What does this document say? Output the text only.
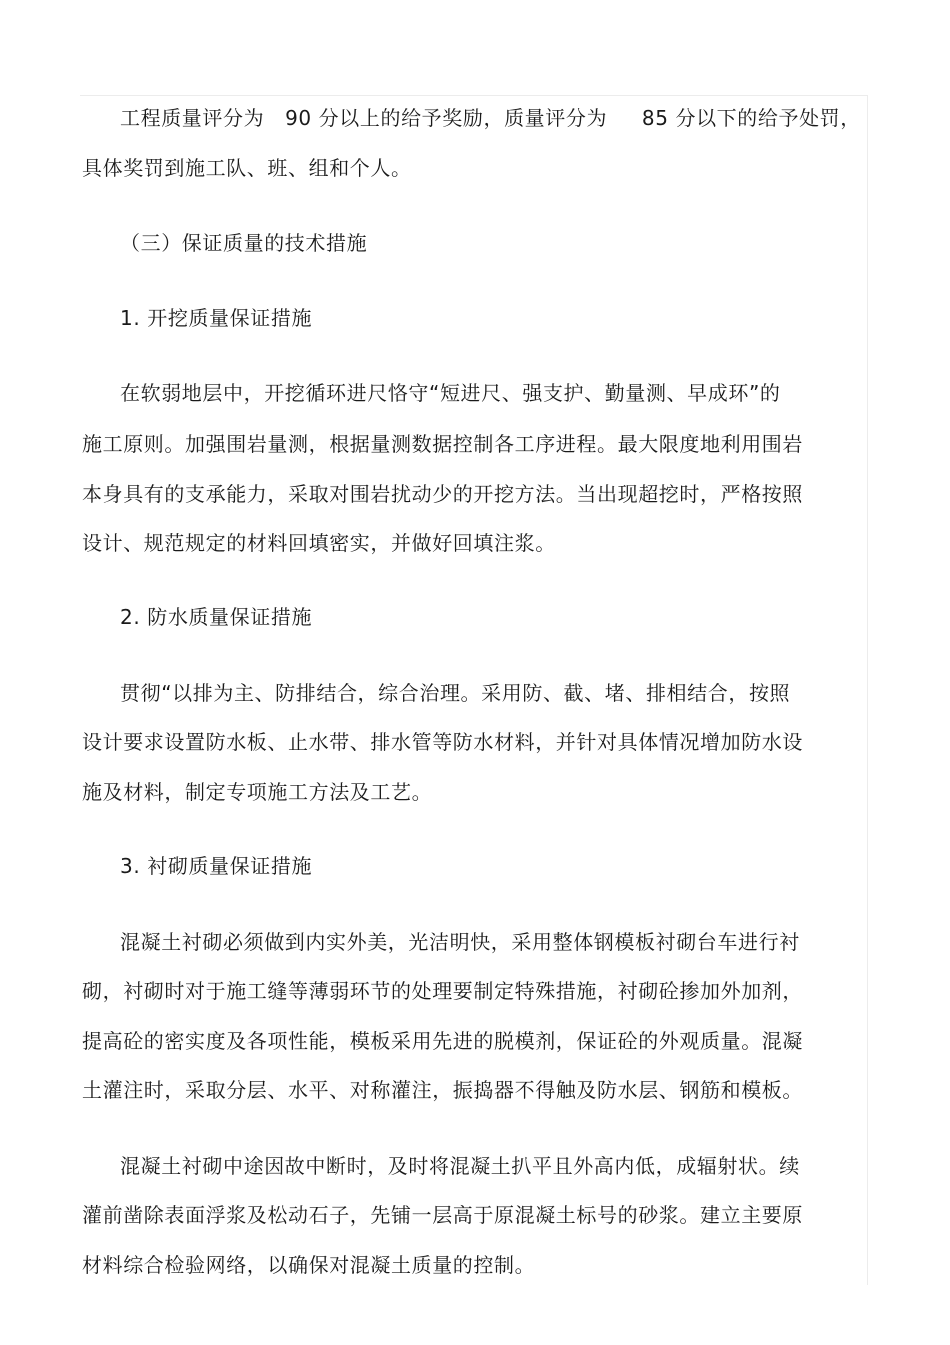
工程质量评分为   90 分以上的给予奖励，质量评分为     85 分以下的给予处罚，
具体奖罚到施工队、班、组和个人。
（三）保证质量的技术措施
1. 开挖质量保证措施
在软弱地层中，开挖循环进尺恪守“短进尺、强支护、勤量测、早成环”的
施工原则。加强围岩量测，根据量测数据控制各工序进程。最大限度地利用围岩
本身具有的支承能力，采取对围岩扰动少的开挖方法。当出现超挖时，严格按照
设计、规范规定的材料回填密实，并做好回填注浆。
2. 防水质量保证措施
贯彻“以排为主、防排结合，综合治理。采用防、截、堵、排相结合，按照
设计要求设置防水板、止水带、排水管等防水材料，并针对具体情况增加防水设
施及材料，制定专项施工方法及工艺。
3. 衬砌质量保证措施
混凝土衬砌必须做到内实外美，光洁明快，采用整体钢模板衬砌台车进行衬
砌，衬砌时对于施工缝等薄弱环节的处理要制定特殊措施，衬砌砼掺加外加剂，
提高砼的密实度及各项性能，模板采用先进的脱模剂，保证砼的外观质量。混凝
土灌注时，采取分层、水平、对称灌注，振捣器不得触及防水层、钢筋和模板。
混凝土衬砌中途因故中断时，及时将混凝土扒平且外高内低，成辐射状。续
灌前凿除表面浮浆及松动石子，先铺一层高于原混凝土标号的砂浆。建立主要原
材料综合检验网络，以确保对混凝土质量的控制。
